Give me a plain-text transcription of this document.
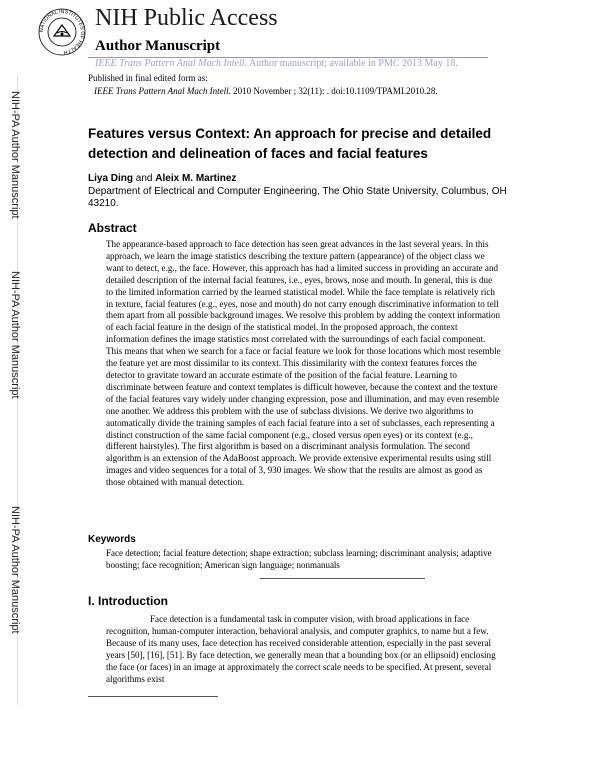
NATIONAL INSTITUTES OF HEALTH
NIH Public Access
Author Manuscript
IEEE Trans Pattern Anal Mach Intell. Author manuscript; available in PMC 2013 May 18.
Published in final edited form as:
IEEE Trans Pattern Anal Mach Intell. 2010 November ; 32(11): . doi:10.1109/TPAMI.2010.28.
NIH-PA Author Manuscript
NIH-PA Author Manuscript
NIH-PA Author Manuscript
Features versus Context: An approach for precise and detailed detection and delineation of faces and facial features
Liya Ding and Aleix M. Martinez
Department of Electrical and Computer Engineering, The Ohio State University, Columbus, OH 43210.
Abstract
The appearance-based approach to face detection has seen great advances in the last several years. In this approach, we learn the image statistics describing the texture pattern (appearance) of the object class we want to detect, e.g., the face. However, this approach has had a limited success in providing an accurate and detailed description of the internal facial features, i.e., eyes, brows, nose and mouth. In general, this is due to the limited information carried by the learned statistical model. While the face template is relatively rich in texture, facial features (e.g., eyes, nose and mouth) do not carry enough discriminative information to tell them apart from all possible background images. We resolve this problem by adding the context information of each facial feature in the design of the statistical model. In the proposed approach, the context information defines the image statistics most correlated with the surroundings of each facial component. This means that when we search for a face or facial feature we look for those locations which most resemble the feature yet are most dissimilar to its context. This dissimilarity with the context features forces the detector to gravitate toward an accurate estimate of the position of the facial feature. Learning to discriminate between feature and context templates is difficult however, because the context and the texture of the facial features vary widely under changing expression, pose and illumination, and may even resemble one another. We address this problem with the use of subclass divisions. We derive two algorithms to automatically divide the training samples of each facial feature into a set of subclasses, each representing a distinct construction of the same facial component (e.g., closed versus open eyes) or its context (e.g., different hairstyles). The first algorithm is based on a discriminant analysis formulation. The second algorithm is an extension of the AdaBoost approach. We provide extensive experimental results using still images and video sequences for a total of 3, 930 images. We show that the results are almost as good as those obtained with manual detection.
Keywords
Face detection; facial feature detection; shape extraction; subclass learning; discriminant analysis; adaptive boosting; face recognition; American sign language; nonmanuals
I. Introduction
Face detection is a fundamental task in computer vision, with broad applications in face recognition, human-computer interaction, behavioral analysis, and computer graphics, to name but a few. Because of its many uses, face detection has received considerable attention, especially in the past several years [50], [16], [51]. By face detection, we generally mean that a bounding box (or an ellipsoid) enclosing the face (or faces) in an image at approximately the correct scale needs to be specified. At present, several algorithms exist
